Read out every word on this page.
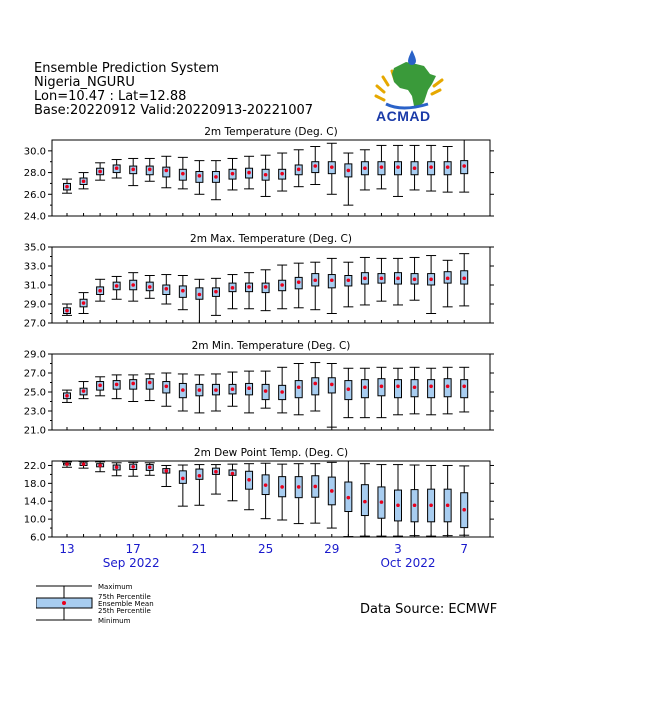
Ensemble Prediction System
Nigeria_NGURU
Lon=10.47 : Lat=12.88
Base:20220912 Valid:20220913-20221007	ACMAD
2m Temperature (Deg. C)
30.0
28.0
26.0
24.0
2m Max. Temperature (Deg. C)
35.0
33.0
31.0
29.0
27.0
2m Min. Temperature (Deg. C)
29.0
27.0
25.0
23.0
21.0
2m Dew Point Temp. (Deg. C)
22.0
18.0
14.0
10.0
6.0
13	17	21	25	29	3	7
Sep 2022	Oct 2022
Maximum
75th Percentile
Ensemble Mean
25th Percentile
Minimum
Data Source: ECMWF
